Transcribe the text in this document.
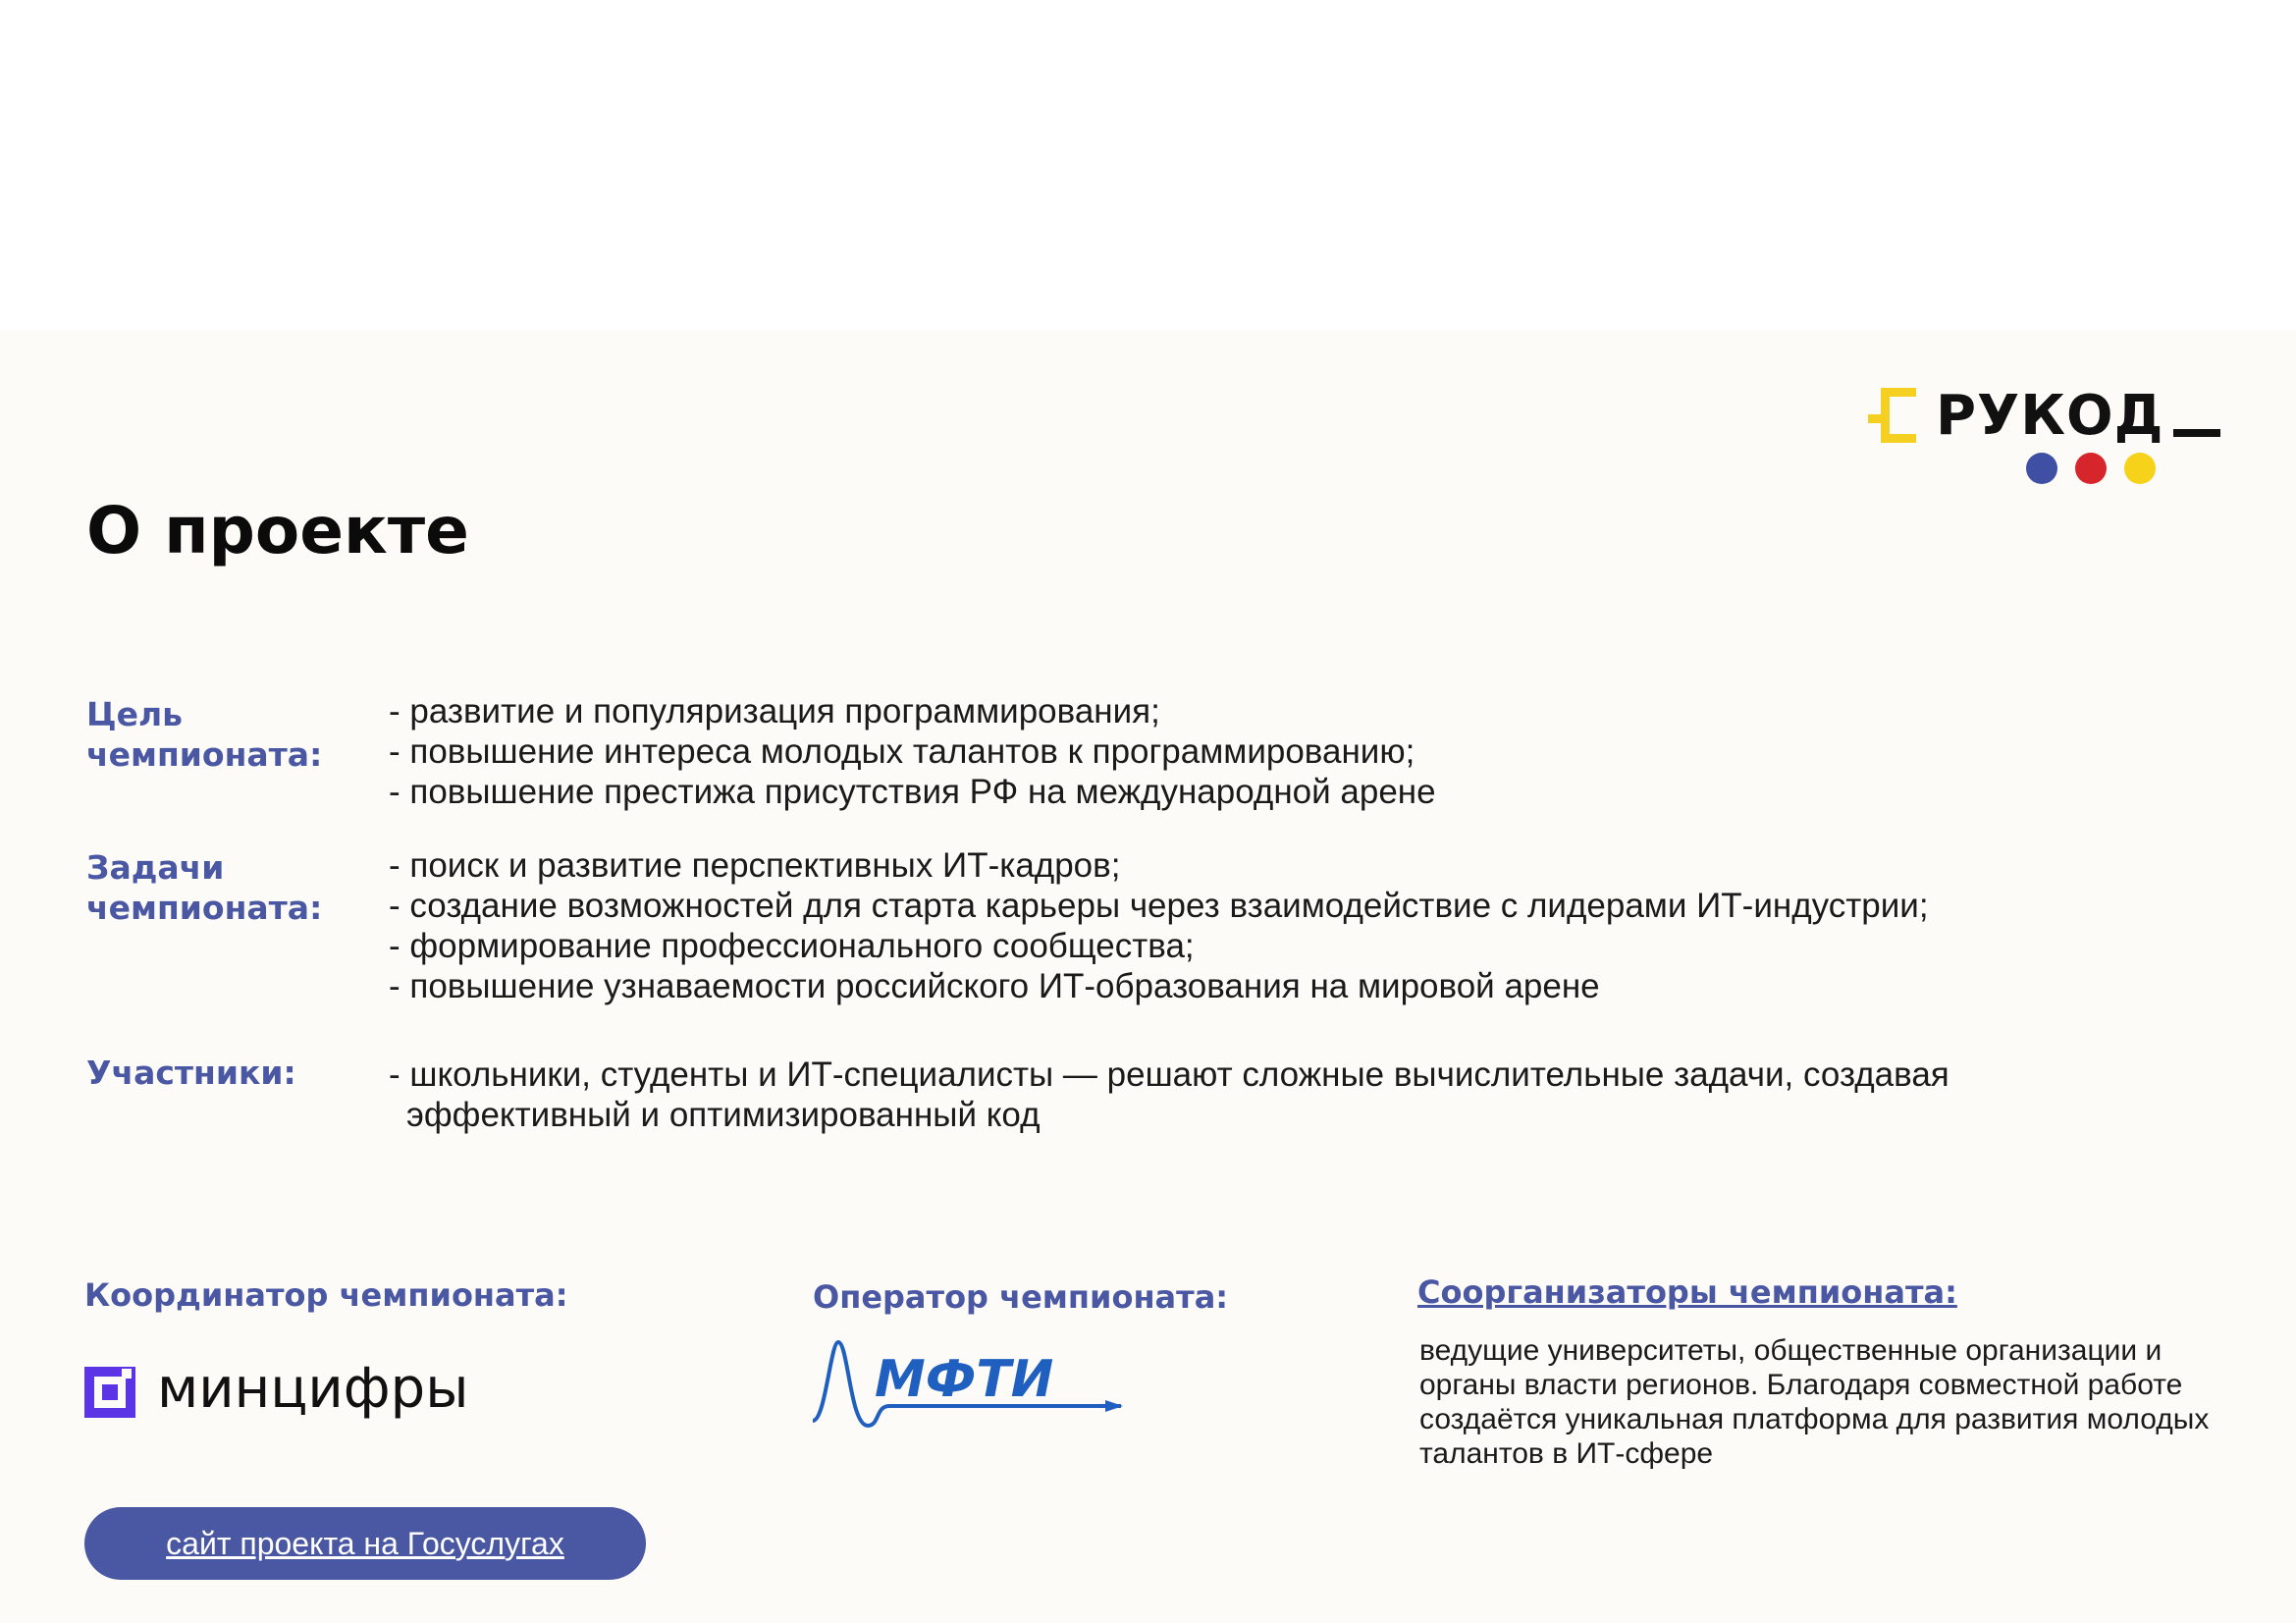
РУКОД
О проекте

Цель чемпионата:

- развитие и популяризация программирования;
- повышение интереса молодых талантов к программированию;
- повышение престижа присутствия РФ на международной арене

Задачи чемпионата:

- поиск и развитие перспективных ИТ-кадров;
- создание возможностей для старта карьеры через взаимодействие с лидерами ИТ-индустрии;
- формирование профессионального сообщества;
- повышение узнаваемости российского ИТ-образования на мировой арене

Участники:	- школьники, студенты и ИТ-специалисты — решают сложные вычислительные задачи, создавая
эффективный и оптимизированный код

Координатор чемпионата:	Оператор чемпионата:	Соорганизаторы чемпионата:

минцифры	МФТИ	ведущие университеты, общественные организации и органы власти регионов. Благодаря совместной работе создаётся уникальная платформа для развития молодых талантов в ИТ-сфере

сайт проекта на Госуслугах
